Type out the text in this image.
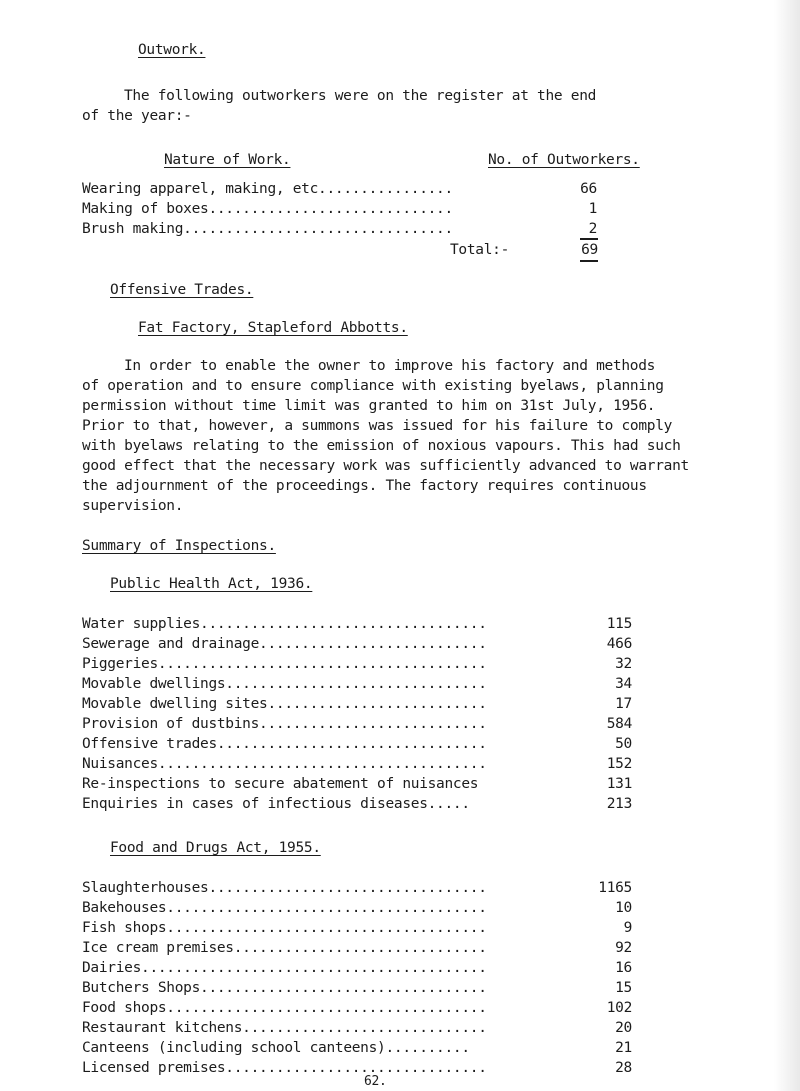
Outwork.
The following outworkers were on the register at the end
of the year:-
Nature of Work.	No. of Outworkers.
Wearing apparel, making, etc................	66
Making of boxes.............................	1
Brush making................................	2
Total:-	69
Offensive Trades.
Fat Factory, Stapleford Abbotts.
In order to enable the owner to improve his factory and methods
of operation and to ensure compliance with existing byelaws, planning
permission without time limit was granted to him on 31st July, 1956.
Prior to that, however, a summons was issued for his failure to comply
with byelaws relating to the emission of noxious vapours. This had such
good effect that the necessary work was sufficiently advanced to warrant
the adjournment of the proceedings. The factory requires continuous
supervision.
Summary of Inspections.
Public Health Act, 1936.
Water supplies..................................	115
Sewerage and drainage...........................	466
Piggeries.......................................	32
Movable dwellings...............................	34
Movable dwelling sites..........................	17
Provision of dustbins...........................	584
Offensive trades................................	50
Nuisances.......................................	152
Re-inspections to secure abatement of nuisances	131
Enquiries in cases of infectious diseases.....	213
Food and Drugs Act, 1955.
Slaughterhouses.................................	1165
Bakehouses......................................	10
Fish shops......................................	9
Ice cream premises..............................	92
Dairies.........................................	16
Butchers Shops..................................	15
Food shops......................................	102
Restaurant kitchens.............................	20
Canteens (including school canteens)..........	21
Licensed premises...............................	28
62.
